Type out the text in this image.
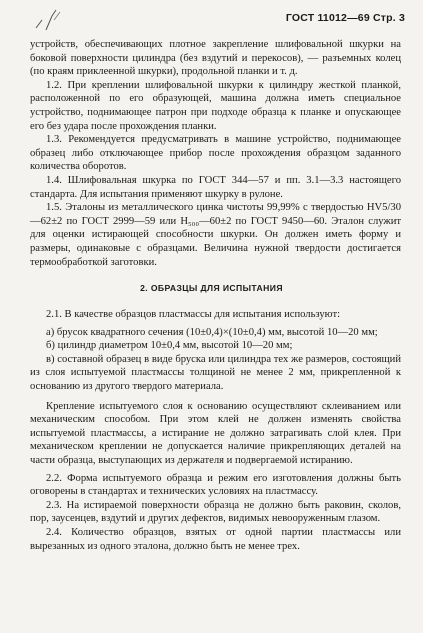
ГОСТ 11012—69 Стр. 3

устройств, обеспечивающих плотное закрепление шлифовальной шкурки на боковой поверхности цилиндра (без вздутий и перекосов), — разъемных колец (по краям приклеенной шкурки), продольной планки и т. д.

1.2. При креплении шлифовальной шкурки к цилиндру жесткой планкой, расположенной по его образующей, машина должна иметь специальное устройство, поднимающее патрон при подходе образца к планке и опускающее его без удара после прохождения планки.

1.3. Рекомендуется предусматривать в машине устройство, поднимающее образец либо отключающее прибор после прохождения образцом заданного количества оборотов.

1.4. Шлифовальная шкурка по ГОСТ 344—57 и пп. 3.1—3.3 настоящего стандарта. Для испытания применяют шкурку в рулоне.

1.5. Эталоны из металлического цинка чистоты 99,99% с твердостью HV5/30—62±2 по ГОСТ 2999—59 или H₅₀₀—60±2 по ГОСТ 9450—60. Эталон служит для оценки истирающей способности шкурки. Он должен иметь форму и размеры, одинаковые с образцами. Величина нужной твердости достигается термообработкой заготовки.

2. ОБРАЗЦЫ ДЛЯ ИСПЫТАНИЯ

2.1. В качестве образцов пластмассы для испытания используют:

а) брусок квадратного сечения (10±0,4)×(10±0,4) мм, высотой 10—20 мм;

б) цилиндр диаметром 10±0,4 мм, высотой 10—20 мм;

в) составной образец в виде бруска или цилиндра тех же размеров, состоящий из слоя испытуемой пластмассы толщиной не менее 2 мм, прикрепленной к основанию из другого твердого материала.

Крепление испытуемого слоя к основанию осуществляют склеиванием или механическим способом. При этом клей не должен изменять свойства испытуемой пластмассы, а истирание не должно затрагивать слой клея. При механическом креплении не допускается наличие прикрепляющих деталей на части образца, выступающих из держателя и подвергаемой истиранию.

2.2. Форма испытуемого образца и режим его изготовления должны быть оговорены в стандартах и технических условиях на пластмассу.

2.3. На истираемой поверхности образца не должно быть раковин, сколов, пор, заусенцев, вздутий и других дефектов, видимых невооруженным глазом.

2.4. Количество образцов, взятых от одной партии пластмассы или вырезанных из одного эталона, должно быть не менее трех.
